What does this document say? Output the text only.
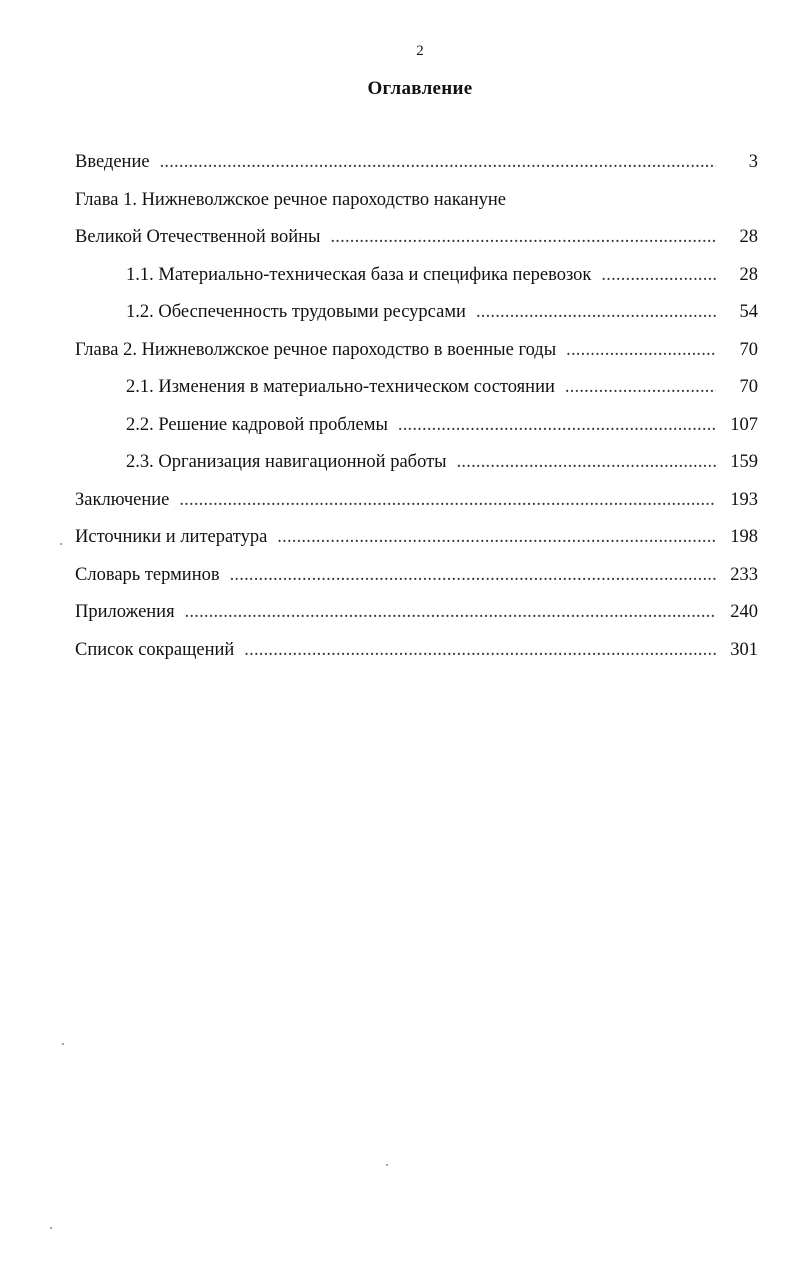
2
Оглавление
Введение .....	3
Глава 1. Нижневолжское речное пароходство накануне
Великой Отечественной войны .....	28
1.1. Материально-техническая база и специфика перевозок .....	28
1.2. Обеспеченность трудовыми ресурсами .....	54
Глава 2. Нижневолжское речное пароходство в военные годы .....	70
2.1. Изменения в материально-техническом состоянии .....	70
2.2. Решение кадровой проблемы .....	107
2.3. Организация навигационной работы .....	159
Заключение .....	193
Источники и литература .....	198
Словарь терминов .....	233
Приложения .....	240
Список сокращений .....	301
